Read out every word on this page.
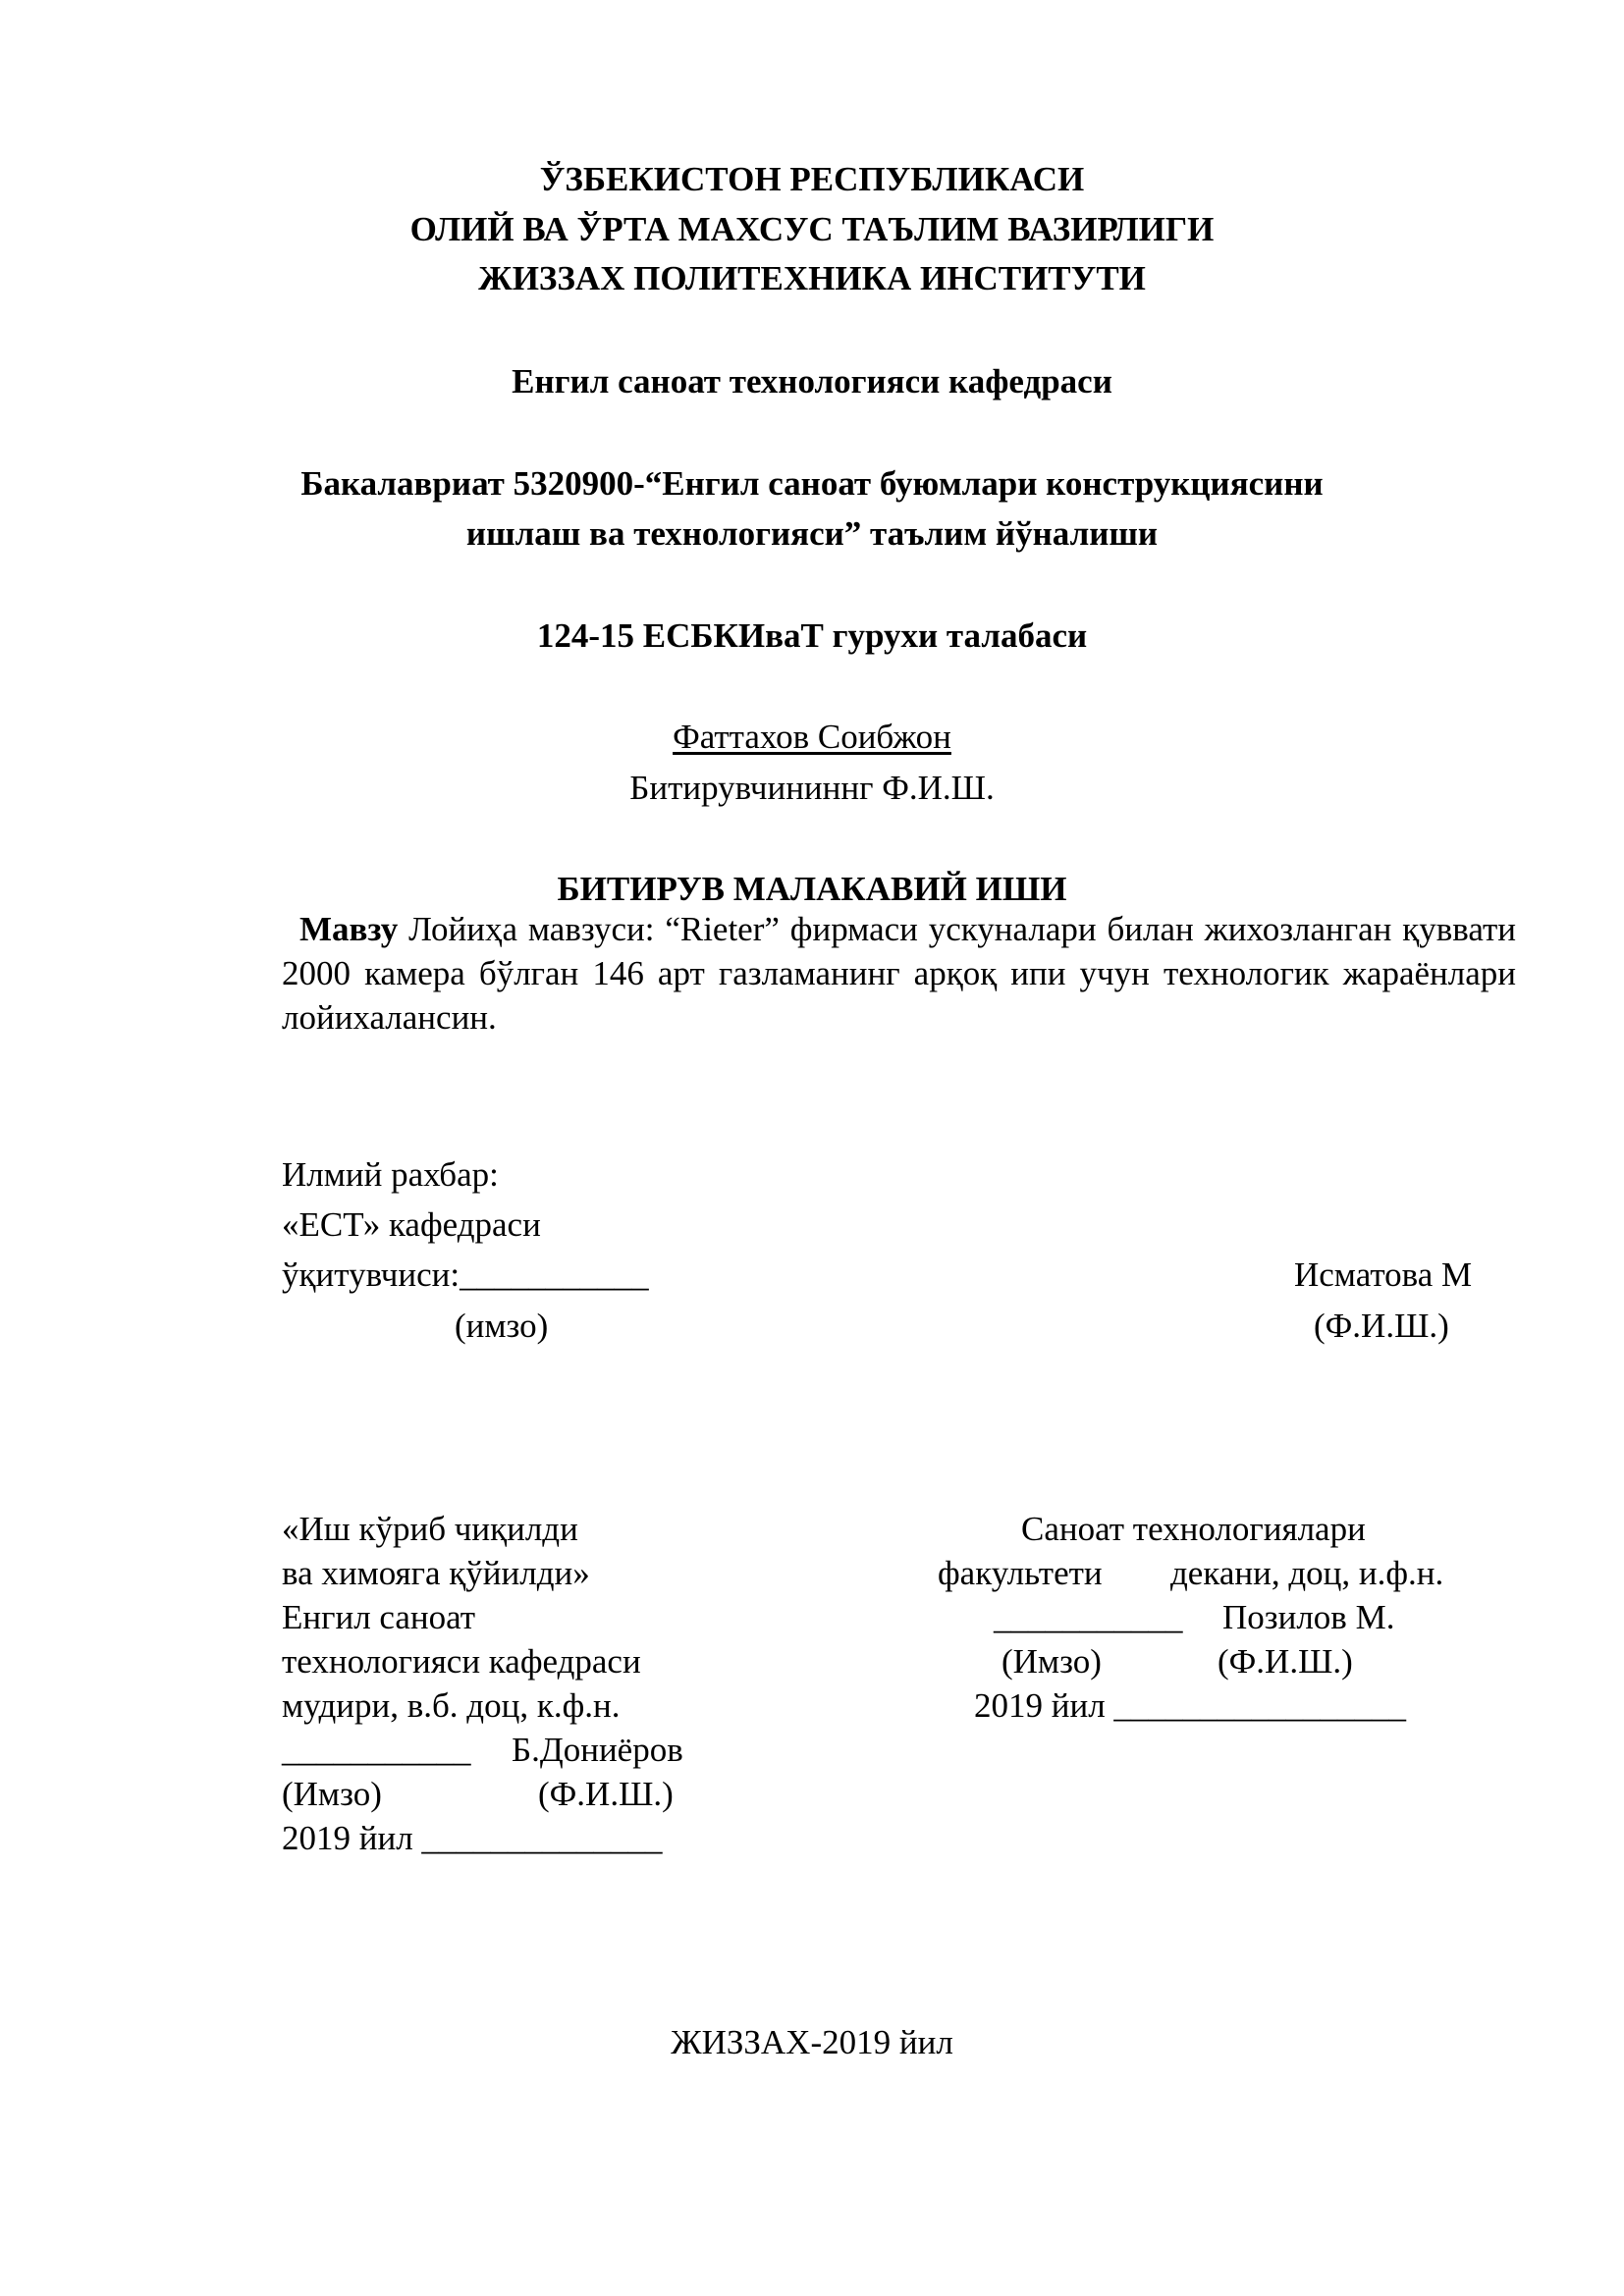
ЎЗБЕКИСТОН РЕСПУБЛИКАСИ
ОЛИЙ ВА ЎРТА МАХСУС ТАЪЛИМ ВАЗИРЛИГИ
ЖИЗЗАХ ПОЛИТЕХНИКА ИНСТИТУТИ
Енгил саноат технологияси кафедраси
Бакалавриат 5320900-“Енгил саноат буюмлари конструкциясини
ишлаш ва технологияси” таълим йўналиши
124-15 ЕСБКИваТ гурухи талабаси
Фаттахов Соибжон
Битирувчининнг Ф.И.Ш.
БИТИРУВ МАЛАКАВИЙ ИШИ
Мавзу Лойиҳа мавзуси: “Rieter” фирмаси ускуналари билан жихозланган қуввати 2000 камера бўлган 146 арт газламанинг арқоқ ипи учун технологик жараёнлари лойихалансин.
Илмий рахбар:
«ЕСТ» кафедраси
ўқитувчиси:___________
(имзо)
Исматова М
(Ф.И.Ш.)
«Иш кўриб чиқилди
ва химояга қўйилди»
Енгил саноат
технологияси кафедраси
мудири, в.б. доц, к.ф.н.
___________ Б.Дониёров
(Имзо)	(Ф.И.Ш.)
2019 йил ______________
Саноат технологиялари
факультети декани, доц, и.ф.н.
___________ Позилов М.
(Имзо)	(Ф.И.Ш.)
2019 йил _________________
ЖИЗЗАХ-2019 йил
